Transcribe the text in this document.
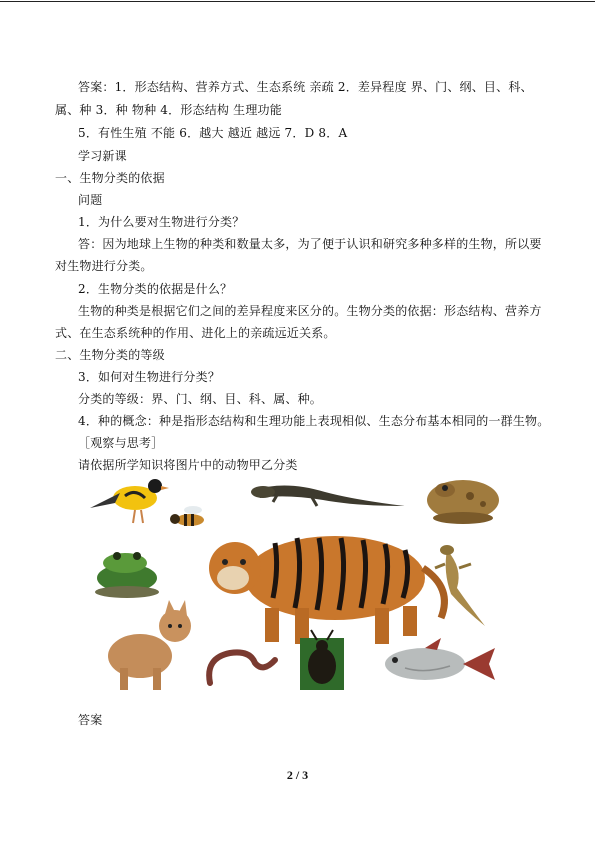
答案：1．形态结构、营养方式、生态系统 亲疏 2．差异程度 界、门、纲、目、科、
属、种 3．种 物种 4．形态结构 生理功能
5．有性生殖 不能 6．越大 越近 越远 7．D 8．A
学习新课
一、生物分类的依据
问题
1．为什么要对生物进行分类？
答：因为地球上生物的种类和数量太多，为了便于认识和研究多种多样的生物，所以要
对生物进行分类。
2．生物分类的依据是什么？
生物的种类是根据它们之间的差异程度来区分的。生物分类的依据：形态结构、营养方
式、在生态系统种的作用、进化上的亲疏远近关系。
二、生物分类的等级
3．如何对生物进行分类？
分类的等级：界、门、纲、目、科、属、种。
4．种的概念：种是指形态结构和生理功能上表现相似、生态分布基本相同的一群生物。
［观察与思考］
请依据所学知识将图片中的动物甲乙分类
答案
2 / 3
